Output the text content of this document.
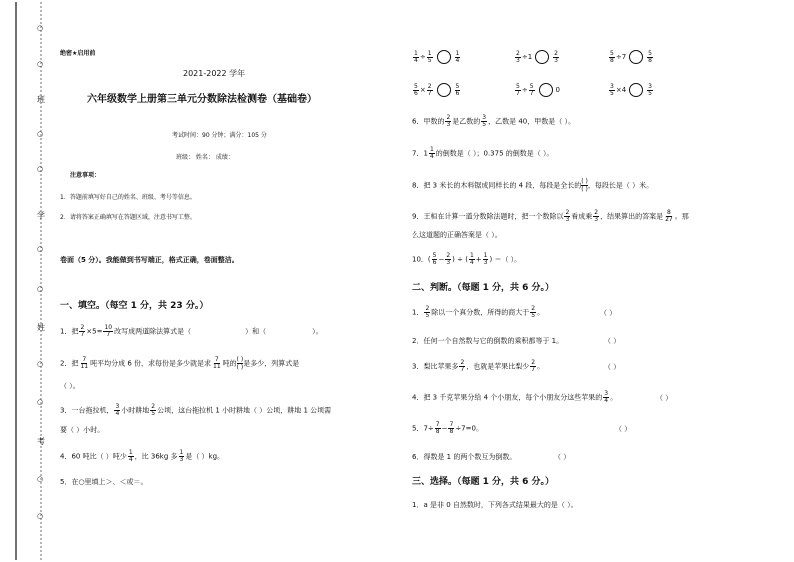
○
○
班
○
○
学
○
○
姓
○
○
考
○
○
绝密★启用前
2021-2022 学年
六年级数学上册第三单元分数除法检测卷（基础卷）
考试时间：90 分钟；满分：105 分
班级： 姓名： 成绩：
注意事项：
1．答题前填写好自己的姓名、班级、考号等信息。
2．请将答案正确填写在答题区域，注意书写工整。
卷面（5 分）。我能做到书写端正，格式正确，卷面整洁。
一、填空。（每空 1 分，共 23 分。）
1．把 $\frac{2}{7} \times 5= \frac{10}{7}$ 改写成两道除法算式是（	）和（	）。
2．把 $\frac{7}{11}$ 吨平均分成 6 份，求每份是多少就是求 $\frac{7}{11}$ 吨的 ( )
( ) 是多少，列算式是
（ ）。
3．一台拖拉机， $\frac{3}{4}$ 小时耕地 $\frac{2}{5}$ 公顷，这台拖拉机 1 小时耕地（ ）公顷，耕地 1 公顷需
要（ ）小时。
4．60 吨比（ ）吨少 $\frac{1}{4}$ ，比 36kg 多 $\frac{1}{3}$ 是（ ）kg。
5．在○里填上＞、＜或＝。
$\frac{1}{4} \div \frac{1}{5}$	$\frac{1}{4}$	$\frac{2}{3} \div 1$	$\frac{2}{3}$	$\frac{5}{8} \div 7$	$\frac{5}{8}$
$\frac{5}{6} \times \frac{2}{7}$	$\frac{5}{6}$	$\frac{5}{7} \div \frac{5}{7}$	0	$\frac{3}{5} \times 4$	$\frac{3}{5}$
6．甲数的 $\frac{2}{3}$ 是乙数的 $\frac{3}{5}$ ，乙数是 40，甲数是（ ）。
7．$1 \frac{1}{4}$ 的倒数是（ ）；0.375 的倒数是（ ）。
8．把 3 米长的木料锯成同样长的 4 段，每段是全长的 ( )
( ) ，每段长是（ ）米。
9．王桓在计算一道分数除法题时，把一个数除以 $\frac{2}{3}$ 看成乘 $\frac{2}{3}$ ，结果算出的答案是 $\frac{8}{27}$ 。那
么这道题的正确答案是（ ）。
10．( $\frac{5}{6} - \frac{2}{3}$ ) ÷ ( $\frac{1}{4} + \frac{1}{3}$ ) ＝（ ）。
二、判断。（每题 1 分，共 6 分。）
1． $\frac{2}{5}$ 除以一个真分数，所得的商大于 $\frac{2}{5}$ 。	（ ）
2．任何一个自然数与它的倒数的乘积都等于 1。	（ ）
3．梨比苹果多 $\frac{2}{7}$ ，也就是苹果比梨少 $\frac{2}{7}$ 。	（ ）
4．把 3 千克苹果分给 4 个小朋友，每个小朋友分这些苹果的 $\frac{3}{4}$ 。	（ ）
5．$7\div \frac{7}{8} - \frac{7}{8} \div 7=0$。	（ ）
6．得数是 1 的两个数互为倒数。	（ ）
三、选择。（每题 1 分，共 6 分。）
1．a 是非 0 自然数时，下列各式结果最大的是（ ）。
